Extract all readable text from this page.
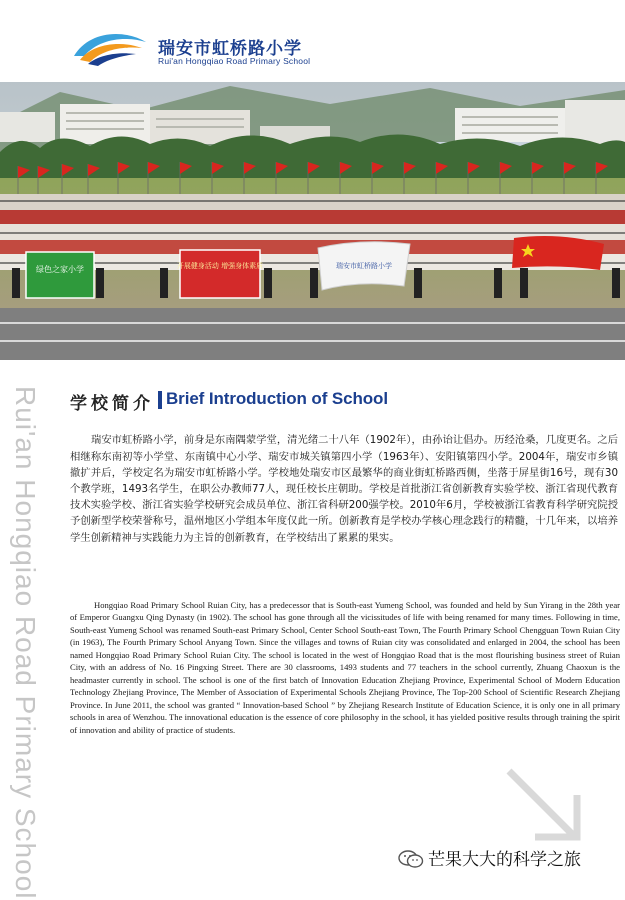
瑞安市虹桥路小学
Rui'an Hongqiao Road Primary School
绿色之家小学	开展健身活动 增强身体素质	瑞安市虹桥路小学
Rui'an Hongqiao Road Primary School 学校简介 Brief Introduction of School

瑞安市虹桥路小学，前身是东南隅蒙学堂，清光绪二十八年（1902年），由孙诒让倡办。历经沧桑，几度更名。之后相继称东南初等小学堂、东南镇中心小学、瑞安市城关镇第四小学（1963年）、安阳镇第四小学。2004年，瑞安市乡镇撤扩并后，学校定名为瑞安市虹桥路小学。学校地处瑞安市区最繁华的商业街虹桥路西侧，坐落于屏星街16号，现有30个教学班，1493名学生，在职公办教师77人，现任校长庄朝助。学校是首批浙江省创新教育实验学校、浙江省现代教育技术实验学校、浙江省实验学校研究会成员单位、浙江省科研200强学校。2010年6月，学校被浙江省教育科学研究院授予创新型学校荣誉称号，温州地区小学组本年度仅此一所。创新教育是学校办学核心理念践行的精髓，十几年来，以培养学生创新精神与实践能力为主旨的创新教育，在学校结出了累累的果实。

Hongqiao Road Primary School Ruian City, has a predecessor that is South-east Yumeng School, was founded and held by Sun Yirang in the 28th year of Emperor Guangxu Qing Dynasty (in 1902). The school has gone through all the vicissitudes of life with being renamed for many times. Following in time, South-east Yumeng School was renamed South-east Primary School, Center School South-east Town, The Fourth Primary School Chengguan Town Ruian City (in 1963), The Fourth Primary School Anyang Town. Since the villages and towns of Ruian city was consolidated and enlarged in 2004, the school has been named Hongqiao Road Primary School Ruian City. The school is located in the west of Hongqiao Road that is the most flourishing business street of Ruian City, with an address of No. 16 Pingxing Street. There are 30 classrooms, 1493 students and 77 teachers in the school currently, Zhuang Chaoxun is the headmaster currently in school. The school is one of the first batch of Innovation Education Zhejiang Province, Experimental School of Modern Education Technology Zhejiang Province, The Member of Association of Experimental Schools Zhejiang Province, The Top-200 School of Scientific Research Zhejiang Province. In June 2011, the school was granted “ Innovation-based School ” by Zhejiang Research Institute of Education Science, it is only one in all primary schools in area of Wenzhou. The innovational education is the essence of core philosophy in the school, it has yielded positive results through training the spirit of innovation and ability of practice of students.

芒果大大的科学之旅
